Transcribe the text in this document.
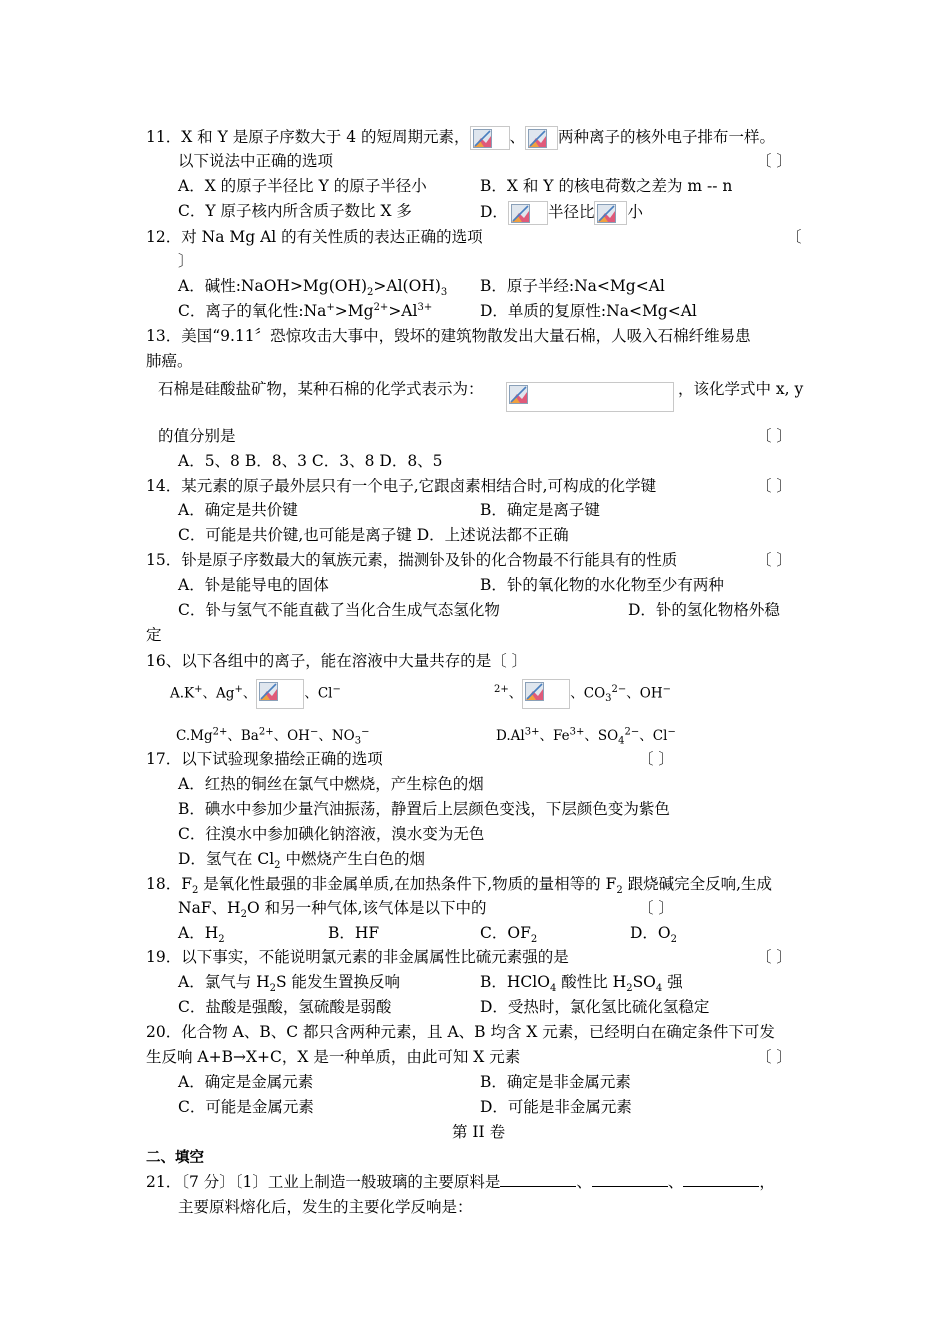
11．X 和 Y 是原子序数大于 4 的短周期元素，	、 两种离子的核外电子排布一样。
以下说法中正确的选项	〔 〕
A．X 的原子半径比 Y 的原子半径小	B．X 和 Y 的核电荷数之差为 m -- n
C．Y 原子核内所含质子数比 X 多	D．	半径比 小
12．对 Na Mg Al 的有关性质的表达正确的选项	〔
〕
A．碱性$:NaOH>Mg(OH)_2>Al(OH)_3$ B．原子半经:Na<Mg<Al
C．离子的氧化性$:Na^+>Mg^{2+}>Al^{3+}$	D．单质的复原性:Na<Mg<Al
13．美国“9.11〞恐惊攻击大事中，毁坏的建筑物散发出大量石棉，人吸入石棉纤维易患
肺癌。
石棉是硅酸盐矿物，某种石棉的化学式表示为：	，该化学式中 x, y
的值分别是	〔 〕
A．5、8 B．8、3 C．3、8 D．8、5
14．某元素的原子最外层只有一个电子,它跟卤素相结合时,可构成的化学键	〔 〕
A．确定是共价键	B．确定是离子键
C．可能是共价键,也可能是离子键 D．上述说法都不正确
15．钋是原子序数最大的氧族元素，揣测钋及钋的化合物最不行能具有的性质	〔 〕
A．钋是能导电的固体	B．钋的氧化物的水化物至少有两种
C．钋与氢气不能直截了当化合生成气态氢化物	D．钋的氢化物格外稳
定
16、以下各组中的离子，能在溶液中大量共存的是〔 〕
A.K+、Ag+、	、Cl−	$^{2+}$、	、$CO_3^{2-}$、OH−
$C.Mg^{2+}$、$Ba^{2+}$、OH−、$NO_3^-$	$D.Al^{3+}$、$Fe^{3+}$、$SO_4^{2-}$、Cl−
17．以下试验现象描绘正确的选项	〔 〕
A．红热的铜丝在氯气中燃烧，产生棕色的烟
B．碘水中参加少量汽油振荡，静置后上层颜色变浅，下层颜色变为紫色
C．往溴水中参加碘化钠溶液，溴水变为无色
D．氢气在 $Cl_2$ 中燃烧产生白色的烟
18．$F_2$ 是氧化性最强的非金属单质,在加热条件下,物质的量相等的 $F_2$ 跟烧碱完全反响,生成
NaF、$H_2O$ 和另一种气体,该气体是以下中的	〔 〕
A．$H_2$	B．HF	C．$OF_2$	D．$O_2$
19．以下事实，不能说明氯元素的非金属属性比硫元素强的是	〔 〕
A．氯气与 $H_2S$ 能发生置换反响	B．HClO$_4$ 酸性比 $H_2SO_4$ 强
C．盐酸是强酸，氢硫酸是弱酸	D．受热时，氯化氢比硫化氢稳定
20．化合物 A、B、C 都只含两种元素，且 A、B 均含 X 元素，已经明白在确定条件下可发
生反响 A+B→X+C，X 是一种单质，由此可知 X 元素	〔 〕
A．确定是金属元素	B．确定是非金属元素
C．可能是金属元素	D．可能是非金属元素
第 II 卷
二、填空
21．〔7 分〕〔1〕工业上制造一般玻璃的主要原料是	、	、	，
主要原料熔化后，发生的主要化学反响是：
